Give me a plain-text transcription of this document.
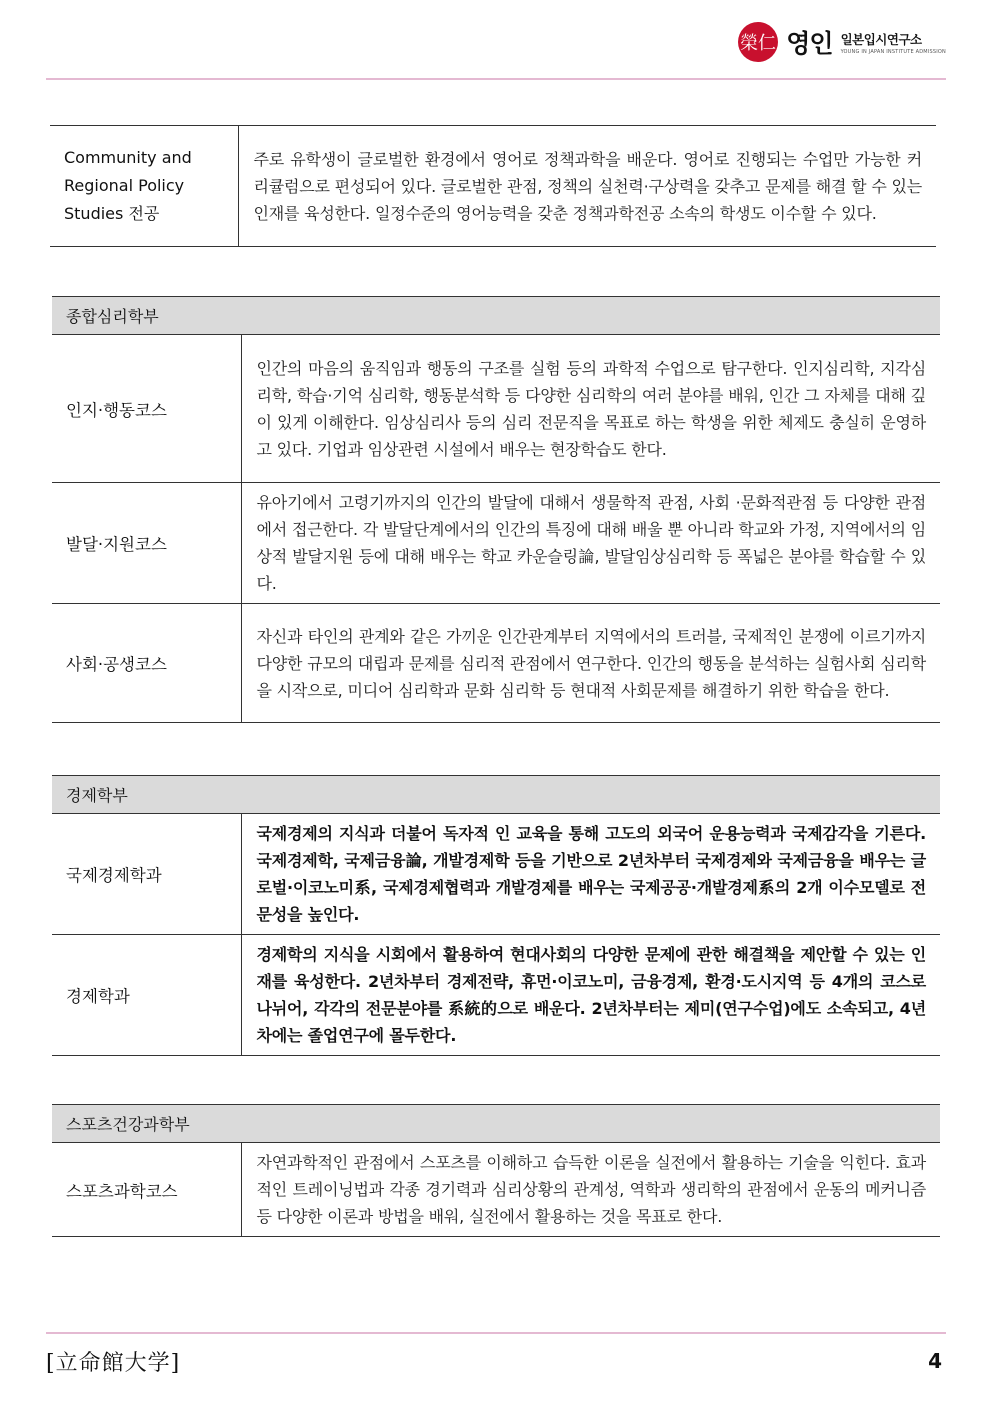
榮仁 영인 일본입시연구소
YOUNG IN JAPAN INSTITUTE ADMISSION
Community and Regional Policy Studies 전공	주로 유학생이 글로벌한 환경에서 영어로 정책과학을 배운다. 영어로 진행되는 수업만 가능한 커리큘럼으로 편성되어 있다. 글로벌한 관점, 정책의 실천력·구상력을 갖추고 문제를 해결 할 수 있는 인재를 육성한다. 일정수준의 영어능력을 갖춘 정책과학전공 소속의 학생도 이수할 수 있다.
종합심리학부	
인지·행동코스	인간의 마음의 움직임과 행동의 구조를 실험 등의 과학적 수업으로 탐구한다. 인지심리학, 지각심리학, 학습·기억 심리학, 행동분석학 등 다양한 심리학의 여러 분야를 배워, 인간 그 자체를 대해 깊이 있게 이해한다. 임상심리사 등의 심리 전문직을 목표로 하는 학생을 위한 체제도 충실히 운영하고 있다. 기업과 임상관련 시설에서 배우는 현장학습도 한다.
발달·지원코스	유아기에서 고령기까지의 인간의 발달에 대해서 생물학적 관점, 사회 ·문화적관점 등 다양한 관점에서 접근한다. 각 발달단계에서의 인간의 특징에 대해 배울 뿐 아니라 학교와 가정, 지역에서의 임상적 발달지원 등에 대해 배우는 학교 카운슬링論, 발달임상심리학 등 폭넓은 분야를 학습할 수 있다.
사회·공생코스	자신과 타인의 관계와 같은 가끼운 인간관계부터 지역에서의 트러블, 국제적인 분쟁에 이르기까지 다양한 규모의 대립과 문제를 심리적 관점에서 연구한다. 인간의 행동을 분석하는 실험사회 심리학을 시작으로, 미디어 심리학과 문화 심리학 등 현대적 사회문제를 해결하기 위한 학습을 한다.
경제학부	
국제경제학과	국제경제의 지식과 더불어 독자적 인 교육을 통해 고도의 외국어 운용능력과 국제감각을 기른다. 국제경제학, 국제금융論, 개발경제학 등을 기반으로 2년차부터 국제경제와 국제금융을 배우는 글로벌·이코노미系, 국제경제협력과 개발경제를 배우는 국제공공·개발경제系의 2개 이수모델로 전문성을 높인다.
경제학과	경제학의 지식을 시회에서 활용하여 현대사회의 다양한 문제에 관한 해결책을 제안할 수 있는 인재를 육성한다. 2년차부터 경제전략, 휴먼·이코노미, 금융경제, 환경·도시지역 등 4개의 코스로 나뉘어, 각각의 전문분야를 系統的으로 배운다. 2년차부터는 제미(연구수업)에도 소속되고, 4년차에는 졸업연구에 몰두한다.
스포츠건강과학부
스포츠과학코스	자연과학적인 관점에서 스포츠를 이해하고 습득한 이론을 실전에서 활용하는 기술을 익힌다. 효과적인 트레이닝법과 각종 경기력과 심리상황의 관계성, 역학과 생리학의 관점에서 운동의 메커니즘 등 다양한 이론과 방법을 배워, 실전에서 활용하는 것을 목표로 한다.
[立命館大学]	4
